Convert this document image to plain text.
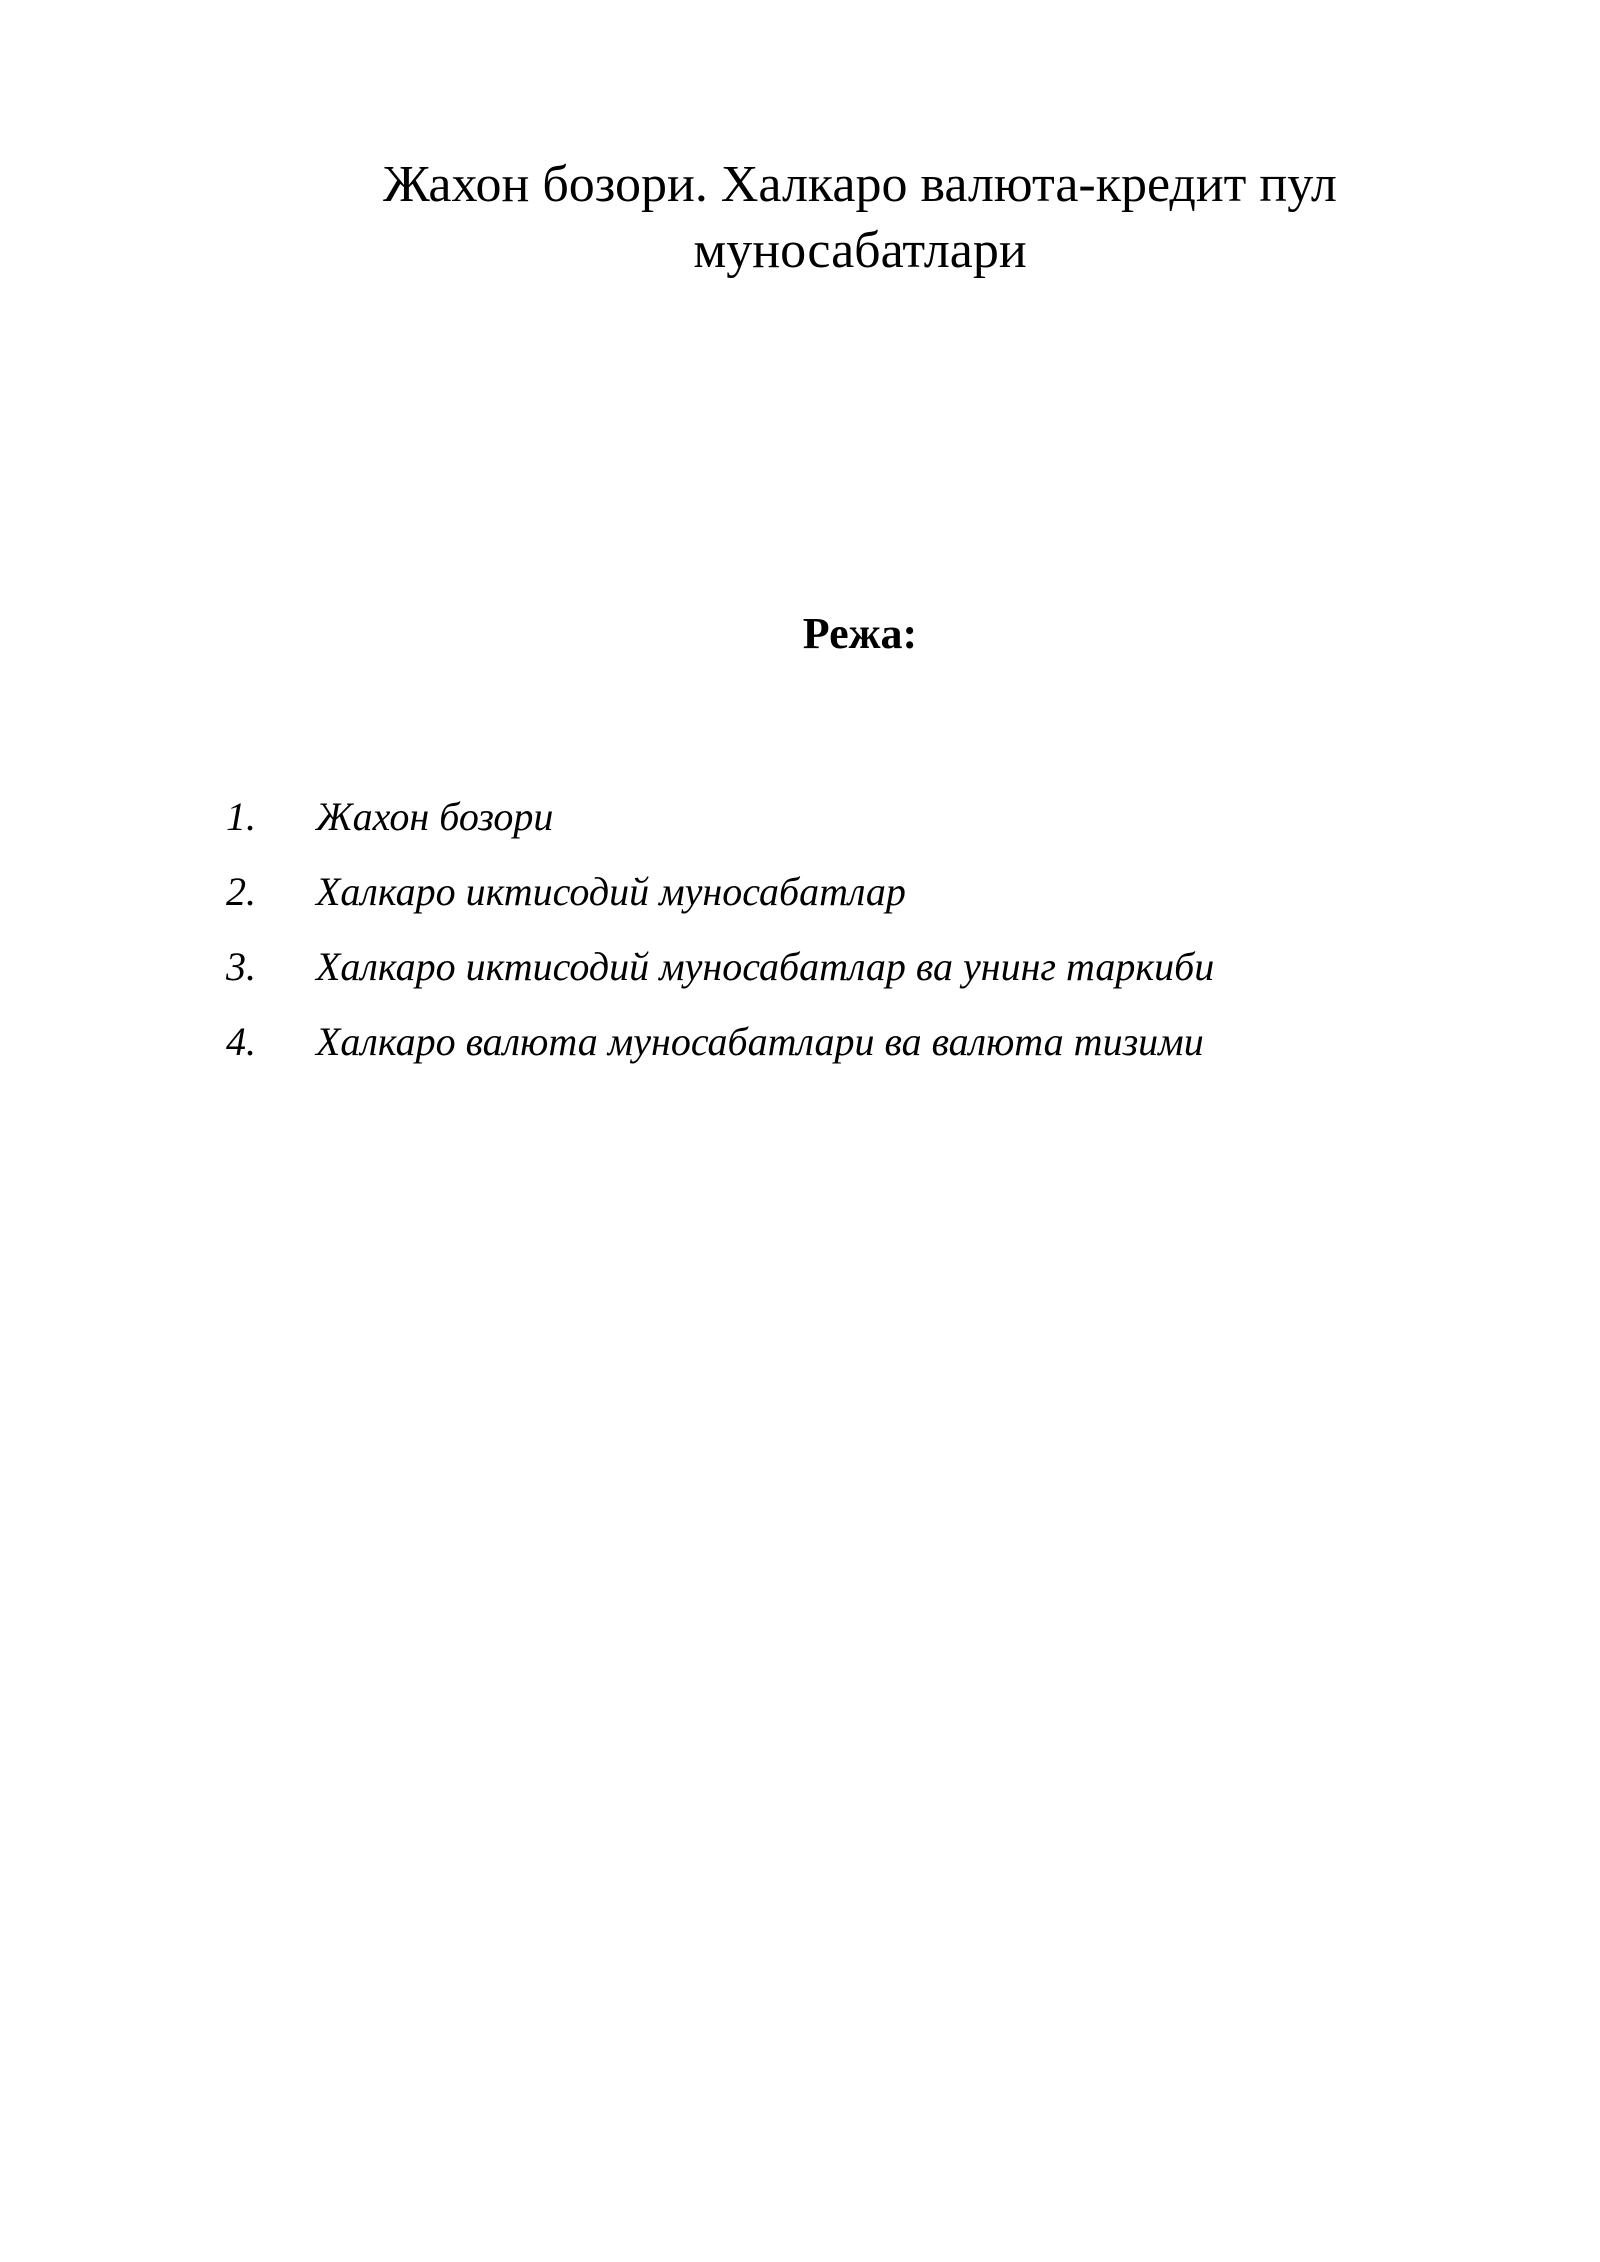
Жахон бозори. Халкаро валюта-кредит пул муносабатлари
Режа:
1.	Жахон бозори
2.	Халкаро иктисодий муносабатлар
3.	Халкаро иктисодий муносабатлар ва унинг таркиби
4.	Халкаро валюта муносабатлари ва валюта тизими
